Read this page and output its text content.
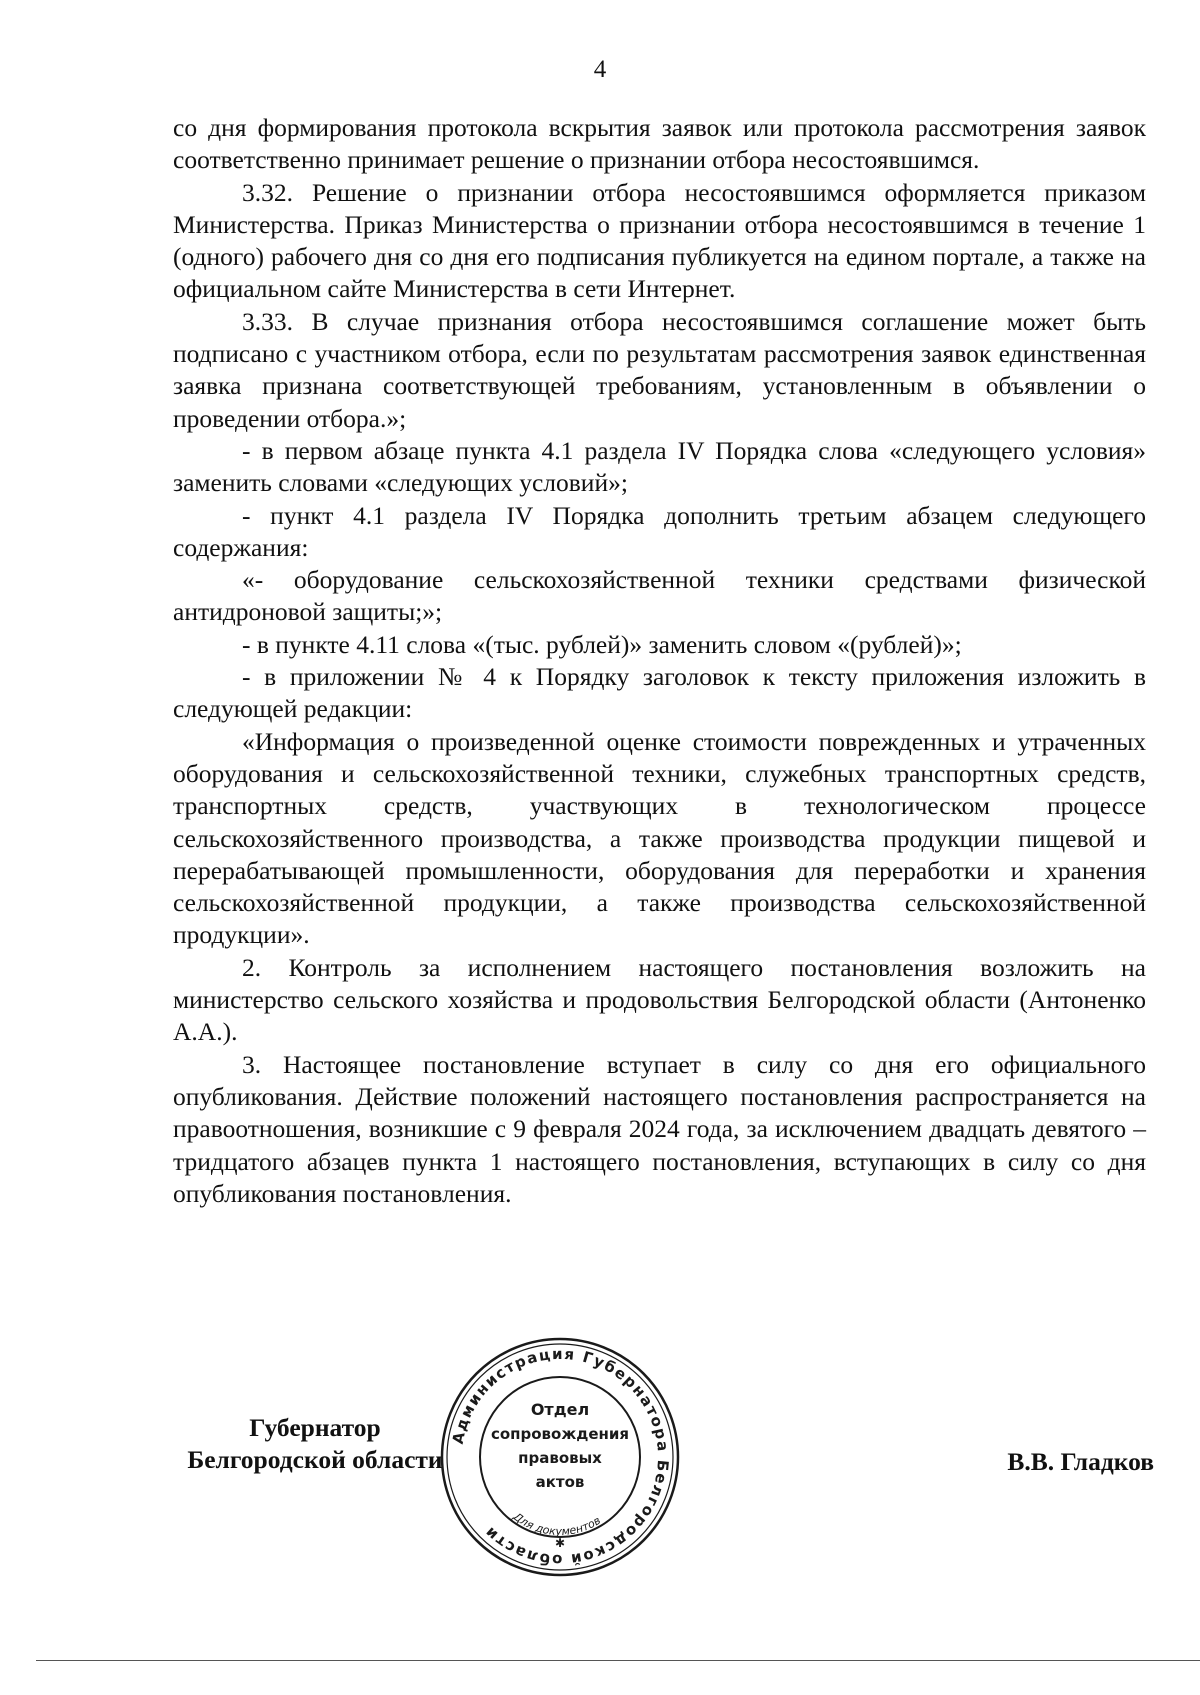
4

со дня формирования протокола вскрытия заявок или протокола рассмотрения заявок соответственно принимает решение о признании отбора несостоявшимся.

3.32. Решение о признании отбора несостоявшимся оформляется приказом Министерства. Приказ Министерства о признании отбора несостоявшимся в течение 1 (одного) рабочего дня со дня его подписания публикуется на едином портале, а также на официальном сайте Министерства в сети Интернет.

3.33. В случае признания отбора несостоявшимся соглашение может быть подписано с участником отбора, если по результатам рассмотрения заявок единственная заявка признана соответствующей требованиям, установленным в объявлении о проведении отбора.»;

- в первом абзаце пункта 4.1 раздела IV Порядка слова «следующего условия» заменить словами «следующих условий»;

- пункт 4.1 раздела IV Порядка дополнить третьим абзацем следующего содержания:

«- оборудование сельскохозяйственной техники средствами физической антидроновой защиты;»;

- в пункте 4.11 слова «(тыс. рублей)» заменить словом «(рублей)»;

- в приложении № 4 к Порядку заголовок к тексту приложения изложить в следующей редакции:

«Информация о произведенной оценке стоимости поврежденных и утраченных оборудования и сельскохозяйственной техники, служебных транспортных средств, транспортных средств, участвующих в технологическом процессе сельскохозяйственного производства, а также производства продукции пищевой и перерабатывающей промышленности, оборудования для переработки и хранения сельскохозяйственной продукции, а также производства сельскохозяйственной продукции».

2. Контроль за исполнением настоящего постановления возложить на министерство сельского хозяйства и продовольствия Белгородской области (Антоненко А.А.).

3. Настоящее постановление вступает в силу со дня его официального опубликования. Действие положений настоящего постановления распространяется на правоотношения, возникшие с 9 февраля 2024 года, за исключением двадцать девятого – тридцатого абзацев пункта 1 настоящего постановления, вступающих в силу со дня опубликования постановления.

Губернатор
Белгородской области
Администрация Губернатора Белгородской области
Для документов
Отдел
сопровождения
правовых
актов
✱
В.В. Гладков
